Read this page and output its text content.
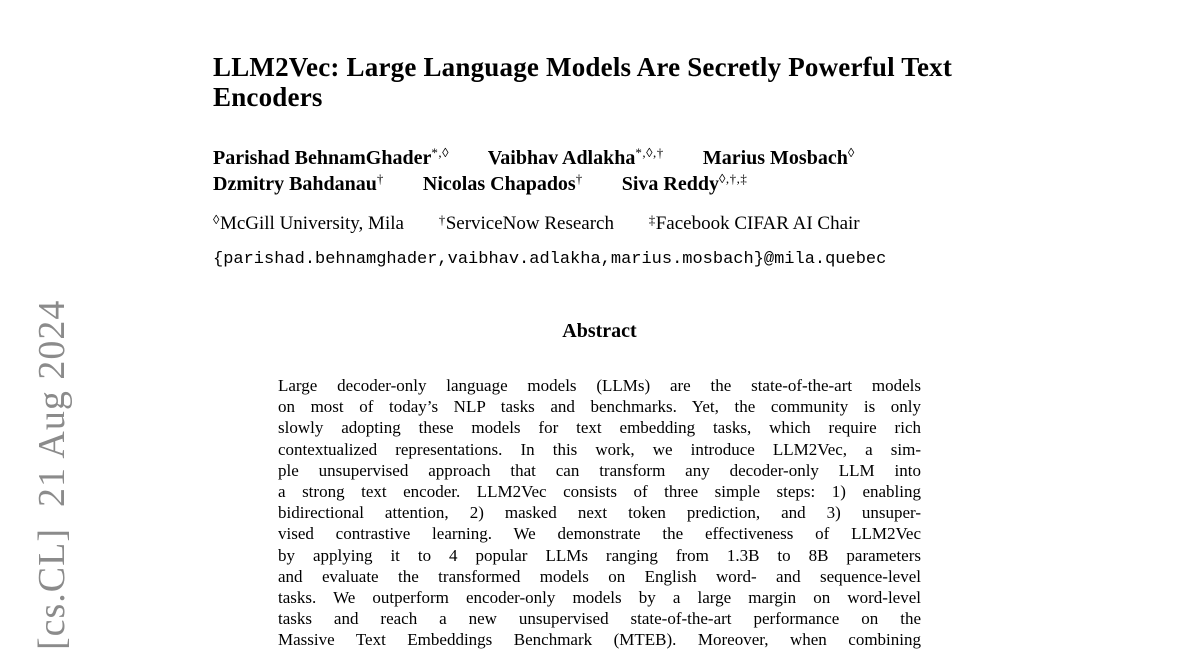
[cs.CL]  21 Aug 2024
LLM2Vec: Large Language Models Are Secretly Powerful Text
Encoders
Parishad BehnamGhader*,◊ Vaibhav Adlakha*,◊,† Marius Mosbach◊
Dzmitry Bahdanau† Nicolas Chapados† Siva Reddy◊,†,‡
◊McGill University, Mila	†ServiceNow Research	‡Facebook CIFAR AI Chair
{parishad.behnamghader,vaibhav.adlakha,marius.mosbach}@mila.quebec
Abstract
Large decoder-only language models (LLMs) are the state-of-the-art models
on most of today’s NLP tasks and benchmarks. Yet, the community is only
slowly adopting these models for text embedding tasks, which require rich
contextualized representations. In this work, we introduce LLM2Vec, a sim-
ple unsupervised approach that can transform any decoder-only LLM into
a strong text encoder. LLM2Vec consists of three simple steps: 1) enabling
bidirectional attention, 2) masked next token prediction, and 3) unsuper-
vised contrastive learning. We demonstrate the effectiveness of LLM2Vec
by applying it to 4 popular LLMs ranging from 1.3B to 8B parameters
and evaluate the transformed models on English word- and sequence-level
tasks. We outperform encoder-only models by a large margin on word-level
tasks and reach a new unsupervised state-of-the-art performance on the
Massive Text Embeddings Benchmark (MTEB). Moreover, when combining
